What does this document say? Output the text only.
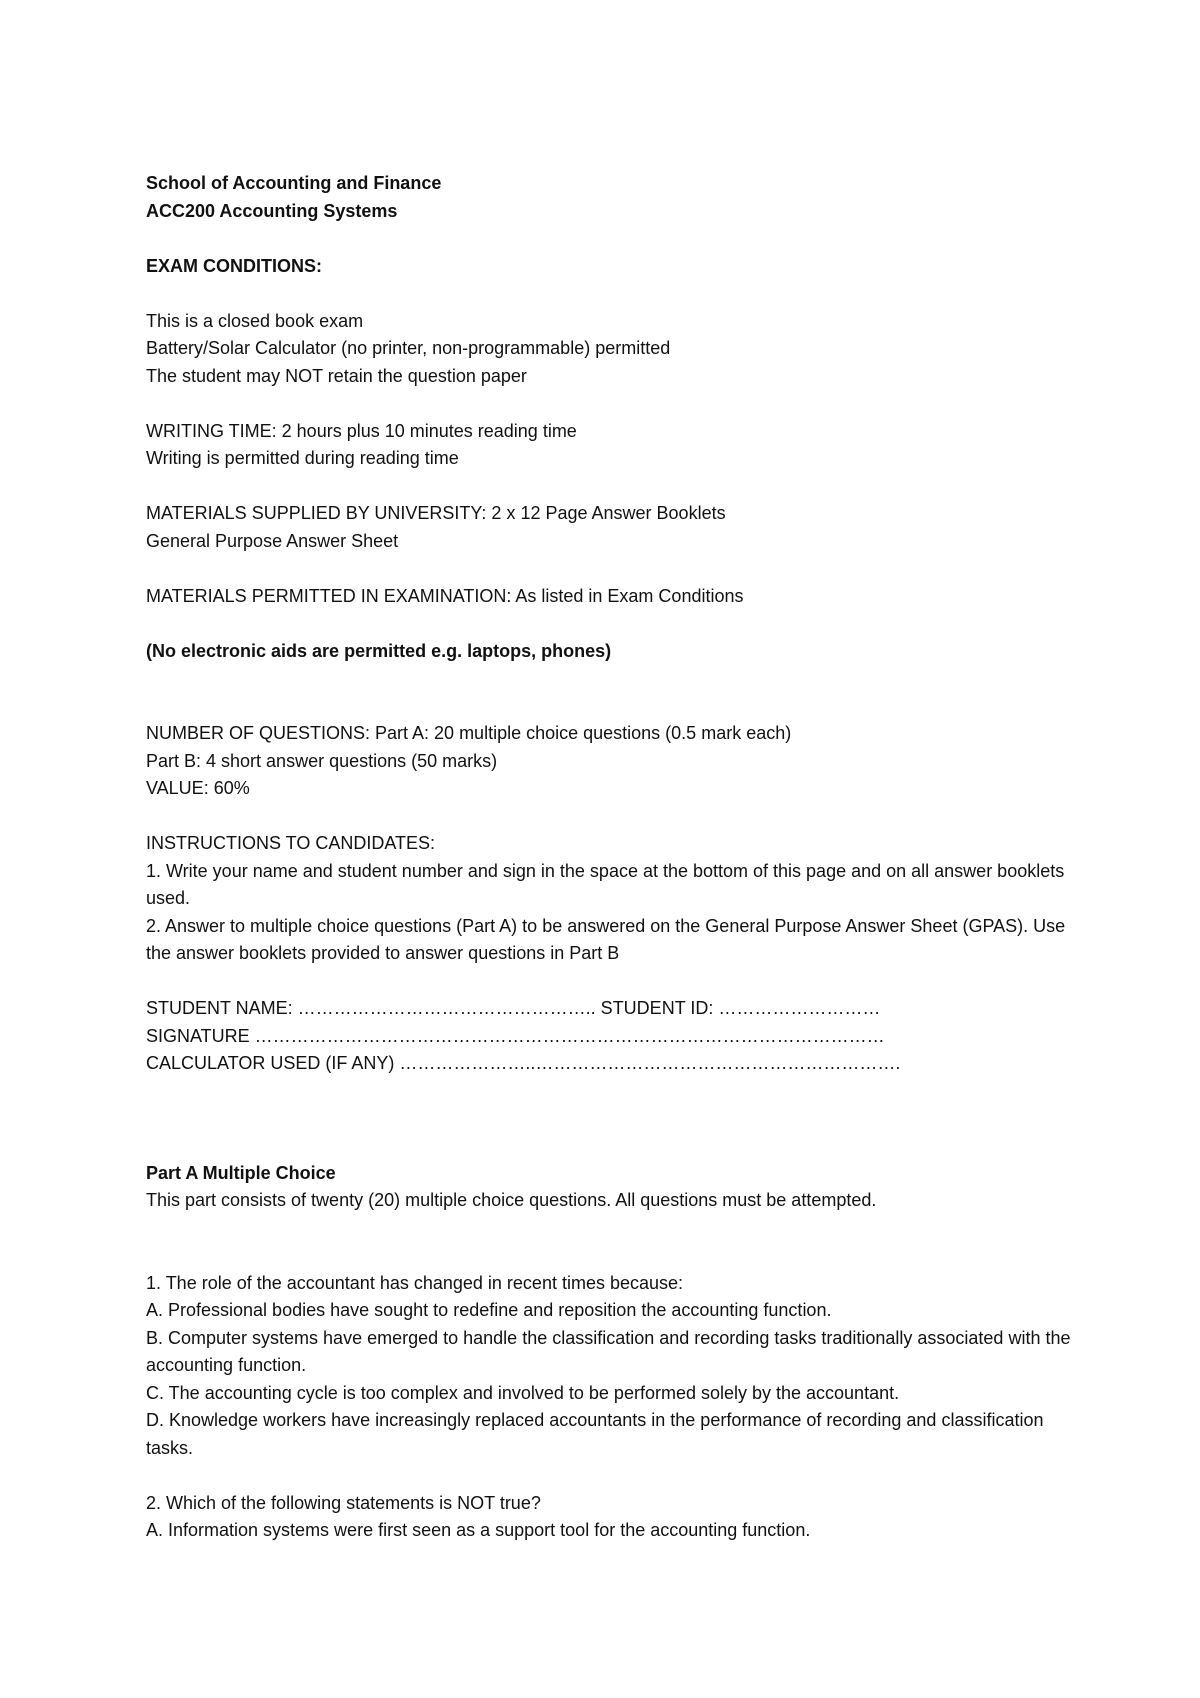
School of Accounting and Finance
ACC200 Accounting Systems
EXAM CONDITIONS:
This is a closed book exam
Battery/Solar Calculator (no printer, non-programmable) permitted
The student may NOT retain the question paper
WRITING TIME: 2 hours plus 10 minutes reading time
Writing is permitted during reading time
MATERIALS SUPPLIED BY UNIVERSITY: 2 x 12 Page Answer Booklets
General Purpose Answer Sheet
MATERIALS PERMITTED IN EXAMINATION: As listed in Exam Conditions
(No electronic aids are permitted e.g. laptops, phones)
NUMBER OF QUESTIONS: Part A: 20 multiple choice questions (0.5 mark each)
Part B: 4 short answer questions (50 marks)
VALUE: 60%
INSTRUCTIONS TO CANDIDATES:
1. Write your name and student number and sign in the space at the bottom of this page and on all answer booklets used.
2. Answer to multiple choice questions (Part A) to be answered on the General Purpose Answer Sheet (GPAS). Use the answer booklets provided to answer questions in Part B
STUDENT NAME: ………………………………………….. STUDENT ID: ………………………
SIGNATURE ……………………………………………………………………………………………
CALCULATOR USED (IF ANY) …………………..…………………………………………………….
Part A Multiple Choice
This part consists of twenty (20) multiple choice questions. All questions must be attempted.
1. The role of the accountant has changed in recent times because:
A. Professional bodies have sought to redefine and reposition the accounting function.
B. Computer systems have emerged to handle the classification and recording tasks traditionally associated with the accounting function.
C. The accounting cycle is too complex and involved to be performed solely by the accountant.
D. Knowledge workers have increasingly replaced accountants in the performance of recording and classification tasks.
2. Which of the following statements is NOT true?
A. Information systems were first seen as a support tool for the accounting function.
